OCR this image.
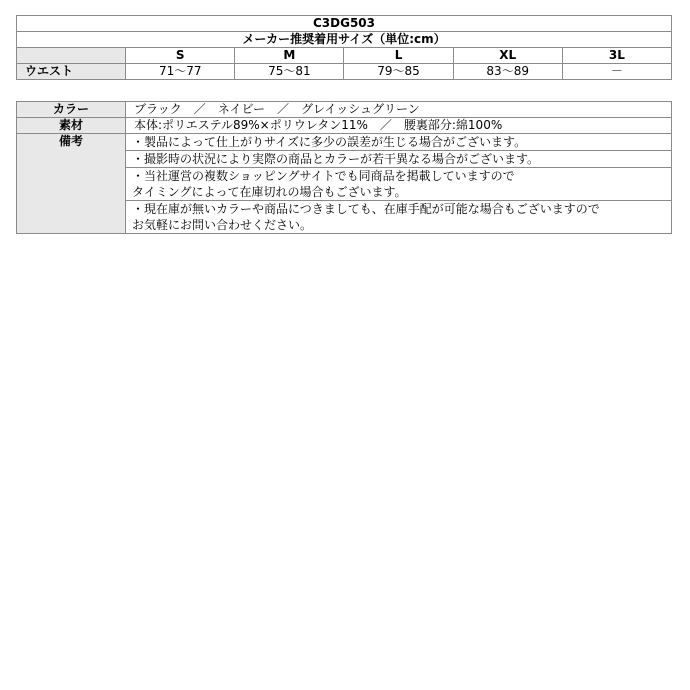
C3DG503					
メーカー推奨着用サイズ（単位:cm）					
	S	M	L	XL	3L
ウエスト	71〜77	75〜81	79〜85	83〜89	－
カラー	ブラック　／　ネイビー　／　グレイッシュグリーン
素材	本体:ポリエステル89%×ポリウレタン11%　／　腰裏部分:綿100%
備考	・製品によって仕上がりサイズに多少の誤差が生じる場合がございます。
	・撮影時の状況により実際の商品とカラーが若干異なる場合がございます。
	・当社運営の複数ショッピングサイトでも同商品を掲載していますので
タイミングによって在庫切れの場合もございます。
	・現在庫が無いカラーや商品につきましても、在庫手配が可能な場合もございますので
お気軽にお問い合わせください。
